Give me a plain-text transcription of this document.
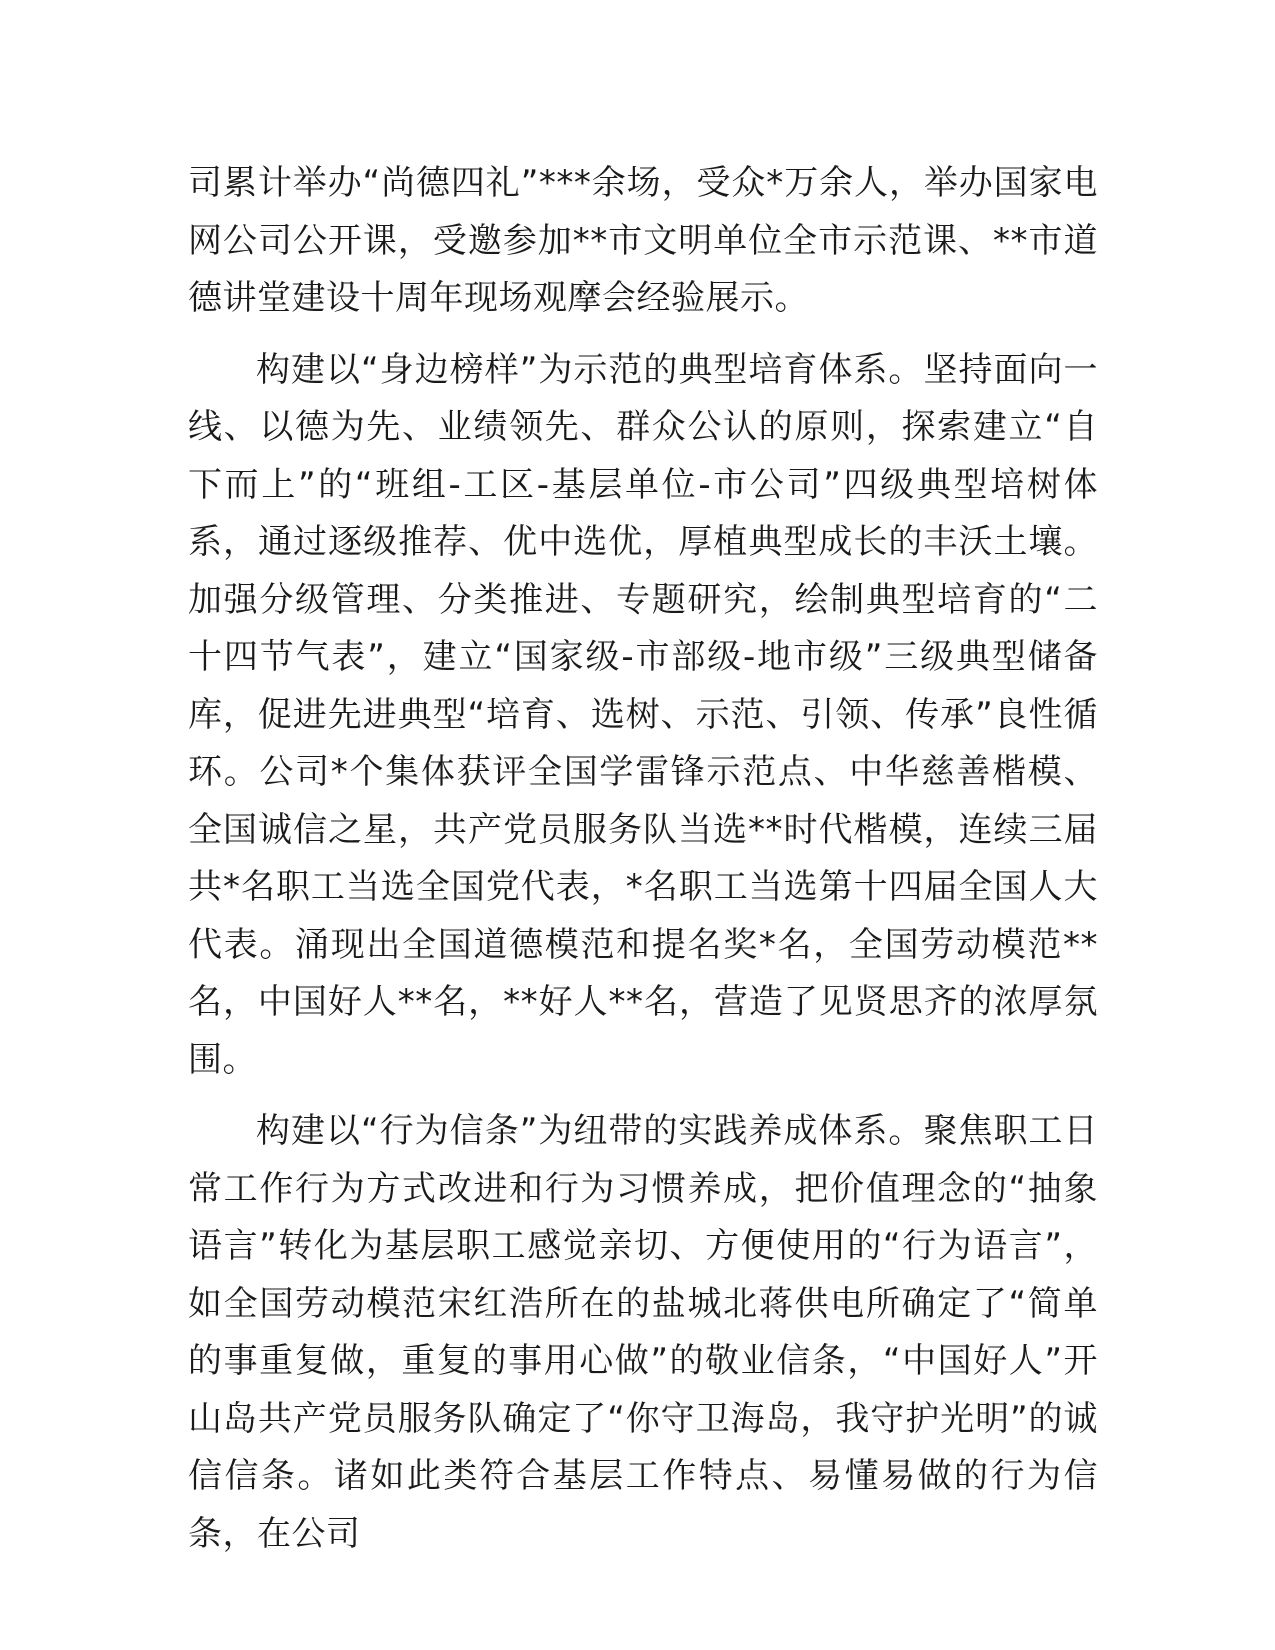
司累计举办“尚德四礼”***余场，受众*万余人，举办国家电网公司公开课，受邀参加**市文明单位全市示范课、**市道德讲堂建设十周年现场观摩会经验展示。

构建以“身边榜样”为示范的典型培育体系。坚持面向一线、以德为先、业绩领先、群众公认的原则，探索建立“自下而上”的“班组-工区-基层单位-市公司”四级典型培树体系，通过逐级推荐、优中选优，厚植典型成长的丰沃土壤。加强分级管理、分类推进、专题研究，绘制典型培育的“二十四节气表”，建立“国家级-市部级-地市级”三级典型储备库，促进先进典型“培育、选树、示范、引领、传承”良性循环。公司*个集体获评全国学雷锋示范点、中华慈善楷模、全国诚信之星，共产党员服务队当选**时代楷模，连续三届共*名职工当选全国党代表，*名职工当选第十四届全国人大代表。涌现出全国道德模范和提名奖*名，全国劳动模范**名，中国好人**名，**好人**名，营造了见贤思齐的浓厚氛围。

构建以“行为信条”为纽带的实践养成体系。聚焦职工日常工作行为方式改进和行为习惯养成，把价值理念的“抽象语言”转化为基层职工感觉亲切、方便使用的“行为语言”，如全国劳动模范宋红浩所在的盐城北蒋供电所确定了“简单的事重复做，重复的事用心做”的敬业信条，“中国好人”开山岛共产党员服务队确定了“你守卫海岛，我守护光明”的诚信信条。诸如此类符合基层工作特点、易懂易做的行为信条，在公司
